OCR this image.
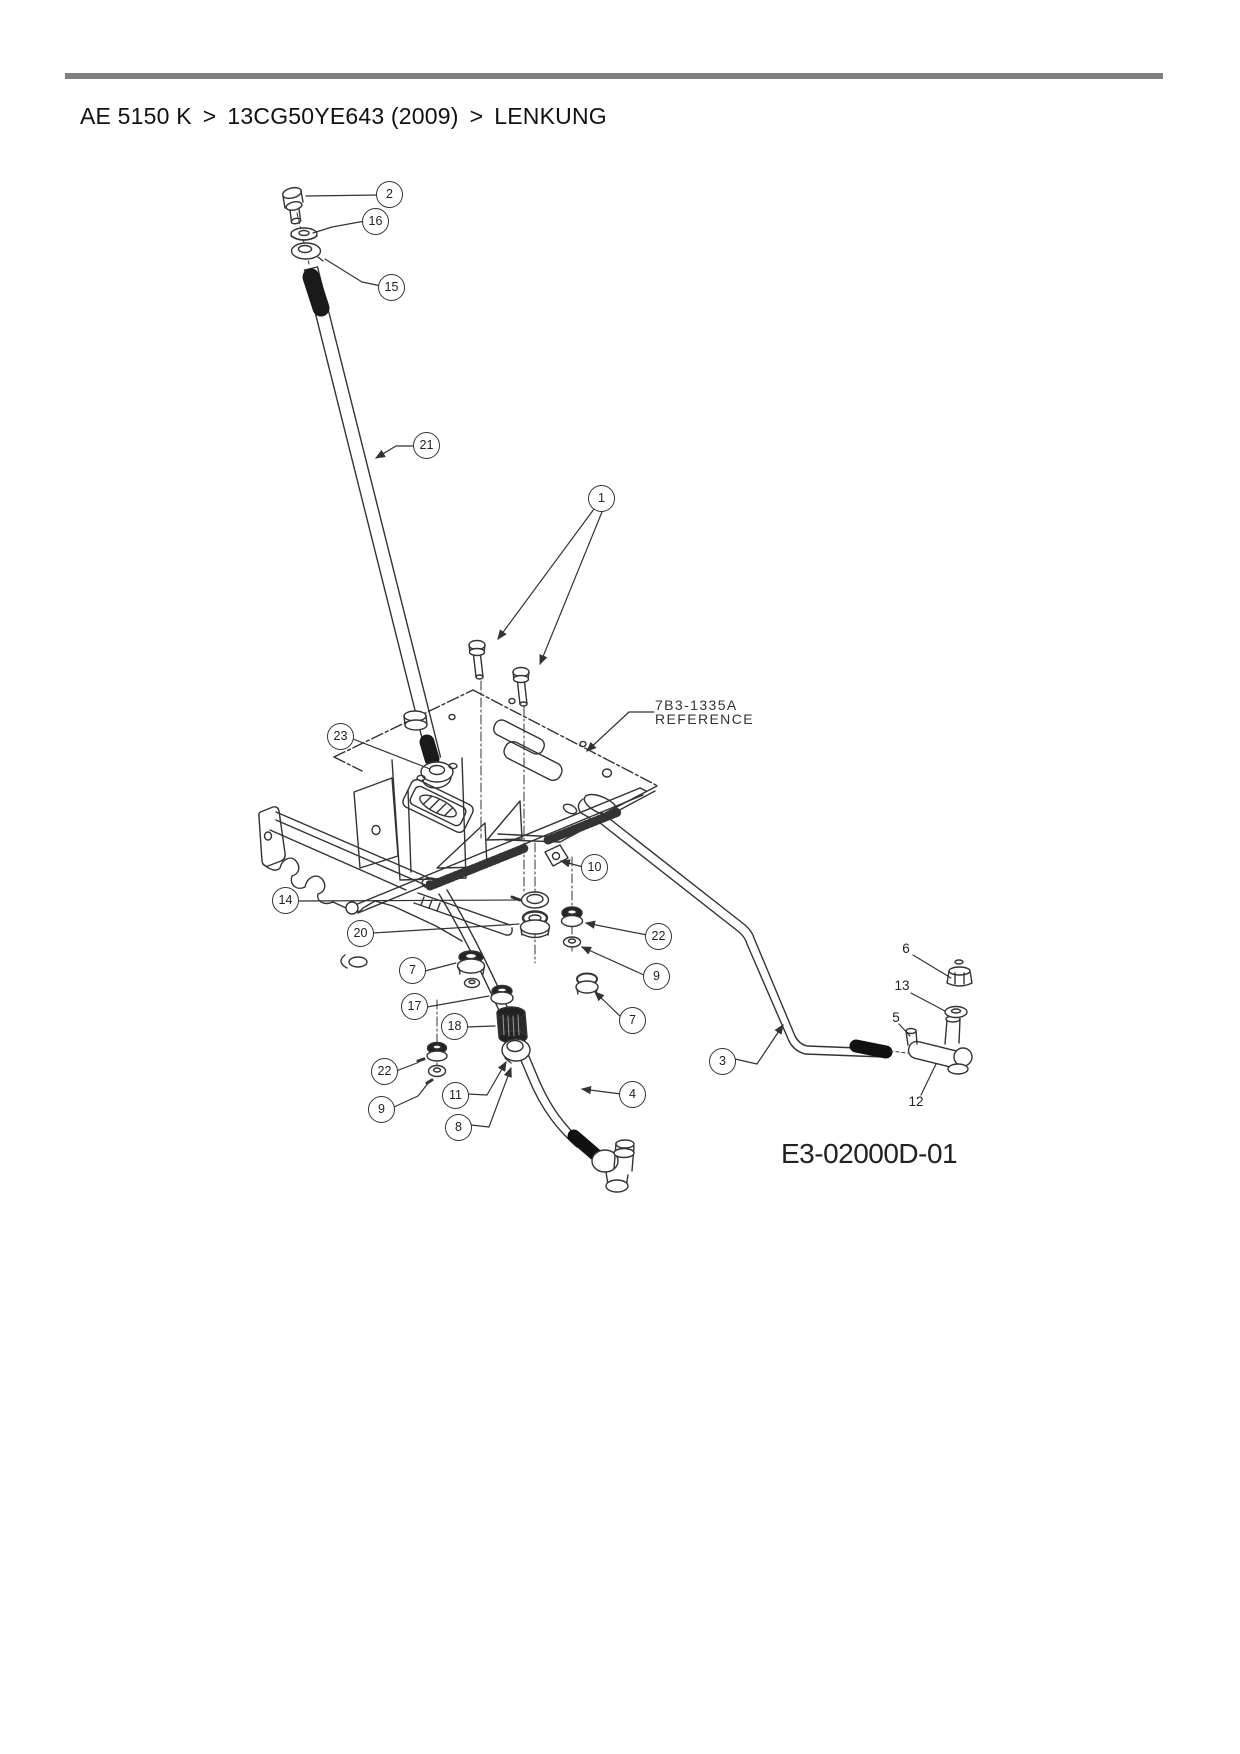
AE 5150 K > 13CG50YE643 (2009) > LENKUNG
2
16
15
21
1
23
10
14
20	22
9
7
17
7
18
22
3
11	4
9
8
6
13
5
12
7B3-1335A
REFERENCE
E3-02000D-01
